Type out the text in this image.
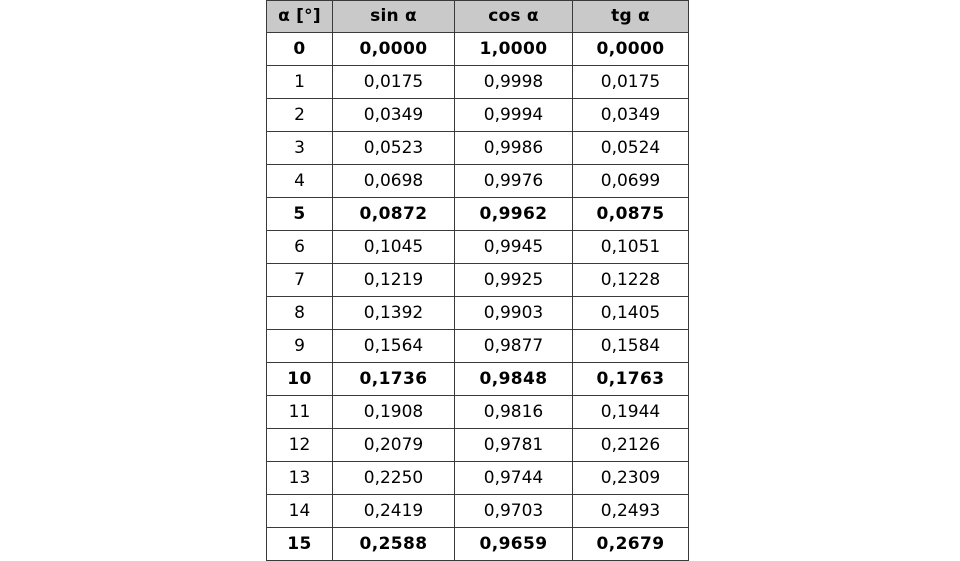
α [°]	sin α	cos α	tg α
0	0,0000	1,0000	0,0000
1	0,0175	0,9998	0,0175
2	0,0349	0,9994	0,0349
3	0,0523	0,9986	0,0524
4	0,0698	0,9976	0,0699
5	0,0872	0,9962	0,0875
6	0,1045	0,9945	0,1051
7	0,1219	0,9925	0,1228
8	0,1392	0,9903	0,1405
9	0,1564	0,9877	0,1584
10	0,1736	0,9848	0,1763
11	0,1908	0,9816	0,1944
12	0,2079	0,9781	0,2126
13	0,2250	0,9744	0,2309
14	0,2419	0,9703	0,2493
15	0,2588	0,9659	0,2679
